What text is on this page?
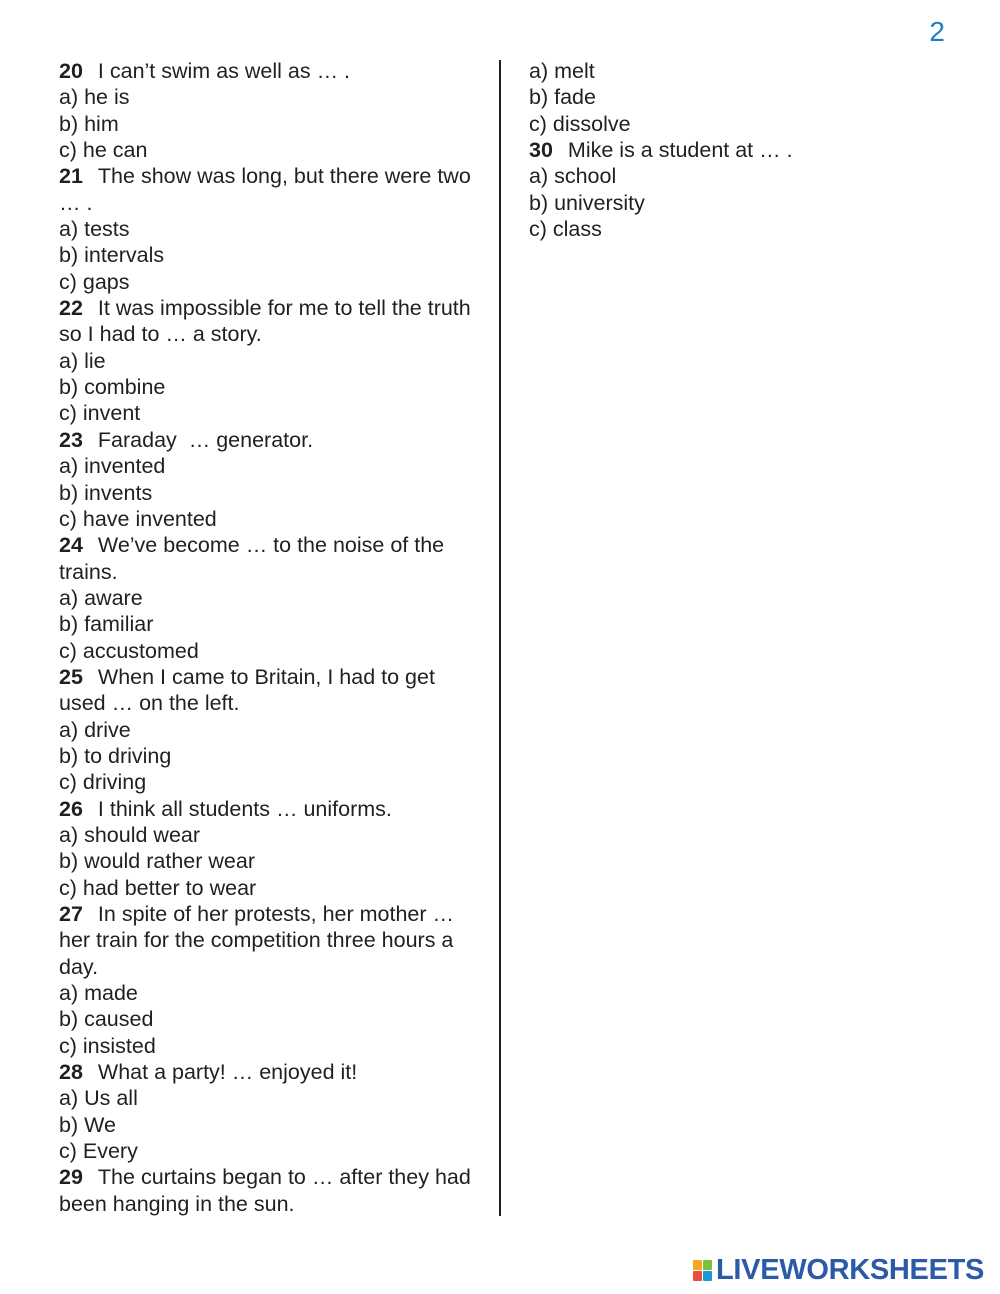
2
20 I can’t swim as well as … .
a) he is
b) him
c) he can
21 The show was long, but there were two … .
a) tests
b) intervals
c) gaps
22 It was impossible for me to tell the truth so I had to … a story.
a) lie
b) combine
c) invent
23 Faraday  … generator.
a) invented
b) invents
c) have invented
24 We’ve become … to the noise of the trains.
a) aware
b) familiar
c) accustomed
25 When I came to Britain, I had to get used … on the left.
a) drive
b) to driving
c) driving
26 I think all students … uniforms.
a) should wear
b) would rather wear
c) had better to wear
27 In spite of her protests, her mother … her train for the competition three hours a day.
a) made
b) caused
c) insisted
28 What a party! … enjoyed it!
a) Us all
b) We
c) Every
29 The curtains began to … after they had been hanging in the sun.
a) melt
b) fade
c) dissolve
30 Mike is a student at … .
a) school
b) university
c) class
LIVEWORKSHEETS
